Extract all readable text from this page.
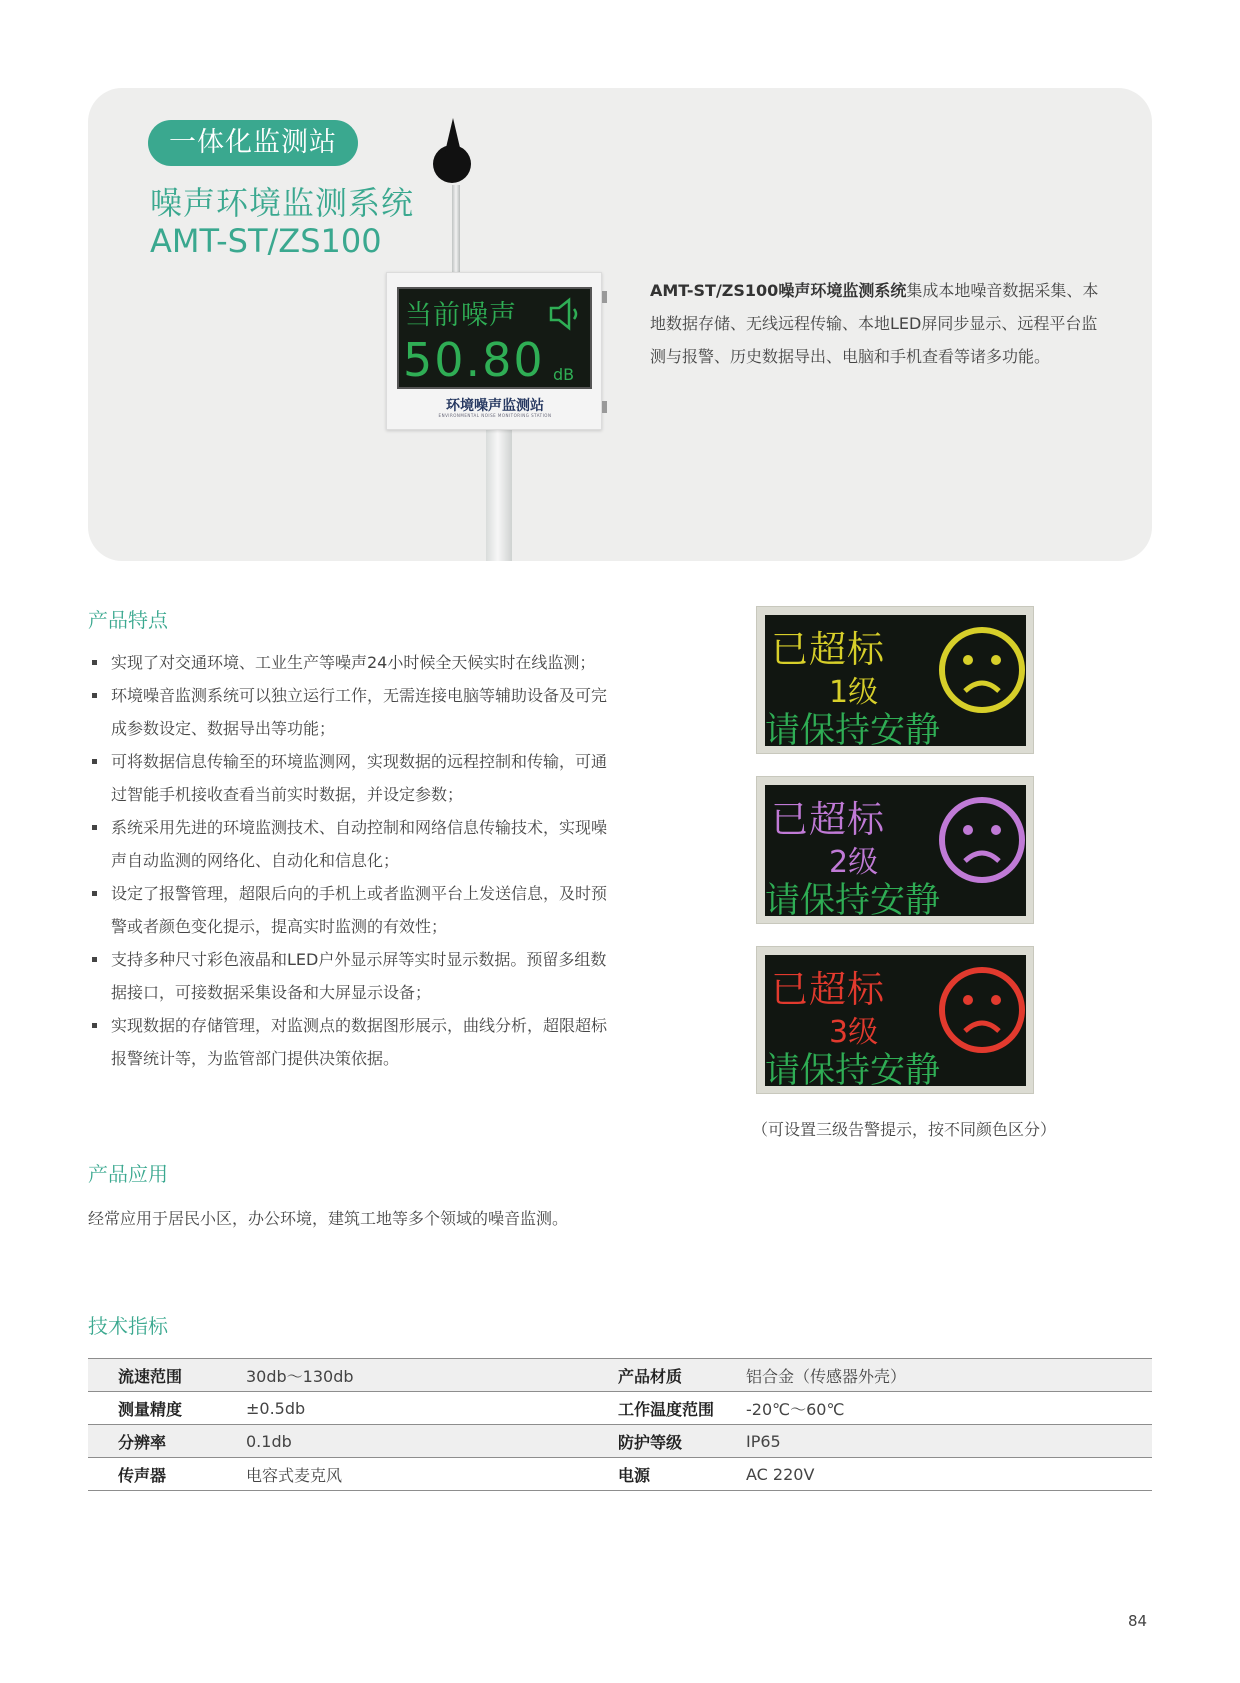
一体化监测站
噪声环境监测系统
AMT-ST/ZS100
当前噪声
50.80 dB
环境噪声监测站
ENVIRONMENTAL NOISE MONITORING STATION
AMT-ST/ZS100噪声环境监测系统集成本地噪音数据采集、本地数据存储、无线远程传输、本地LED屏同步显示、远程平台监测与报警、历史数据导出、电脑和手机查看等诸多功能。
产品特点
实现了对交通环境、工业生产等噪声24小时候全天候实时在线监测；
环境噪音监测系统可以独立运行工作，无需连接电脑等辅助设备及可完成参数设定、数据导出等功能；
可将数据信息传输至的环境监测网，实现数据的远程控制和传输，可通过智能手机接收查看当前实时数据，并设定参数；
系统采用先进的环境监测技术、自动控制和网络信息传输技术，实现噪声自动监测的网络化、自动化和信息化；
设定了报警管理，超限后向的手机上或者监测平台上发送信息，及时预警或者颜色变化提示，提高实时监测的有效性；
支持多种尺寸彩色液晶和LED户外显示屏等实时显示数据。预留多组数据接口，可接数据采集设备和大屏显示设备；
实现数据的存储管理，对监测点的数据图形展示，曲线分析，超限超标报警统计等，为监管部门提供决策依据。
已超标
1级
请保持安静
已超标
2级
请保持安静
已超标
3级
请保持安静
（可设置三级告警提示，按不同颜色区分）
产品应用
经常应用于居民小区，办公环境，建筑工地等多个领域的噪音监测。
技术指标
流速范围	30db～130db	产品材质	铝合金（传感器外壳）
测量精度	±0.5db	工作温度范围	-20℃～60℃
分辨率	0.1db	防护等级	IP65
传声器	电容式麦克风	电源	AC 220V
84
